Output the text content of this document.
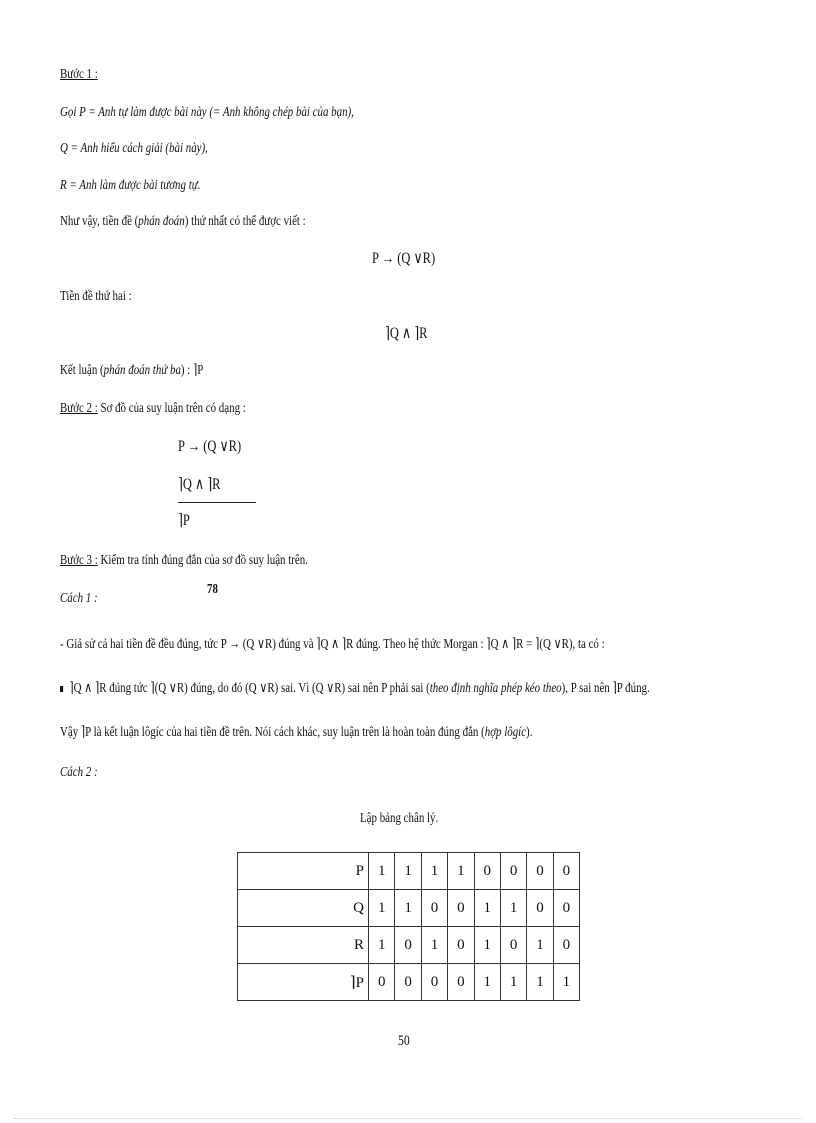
Bước 1 :
Gọi P = Anh tự làm được bài này (= Anh không chép bài của bạn),
Q = Anh hiểu cách giải (bài này),
R = Anh làm được bài tương tự.
Như vậy, tiền đề (phán đoán) thứ nhất có thể được viết :
P → (Q ∨R)
Tiền đề thứ hai :
⌉Q ∧ ⌉R
Kết luận (phán đoán thứ ba) : ⌉P
Bước 2 : Sơ đồ của suy luận trên có dạng :
P → (Q ∨R)
⌉Q ∧ ⌉R
⌉P
Bước 3 : Kiểm tra tính đúng đắn của sơ đồ suy luận trên.
Cách 1 :
78
- Giả sử cả hai tiền đề đều đúng, tức P → (Q ∨R) đúng và ⌉Q ∧ ⌉R đúng. Theo hệ thức Morgan : ⌉Q ∧ ⌉R = ⌉(Q ∨R), ta có :
⌉Q ∧ ⌉R đúng tức ⌉(Q ∨R) đúng, do đó (Q ∨R) sai. Vì (Q ∨R) sai nên P phải sai (theo định nghĩa phép kéo theo), P sai nên ⌉P đúng.
Vậy ⌉P là kết luận lôgíc của hai tiền đề trên. Nói cách khác, suy luận trên là hoàn toàn đúng đắn (hợp lôgíc).
Cách 2 :
Lập bảng chân lý.
P	1	1	1	1	0	0	0	0
Q	1	1	0	0	1	1	0	0
R	1	0	1	0	1	0	1	0
⌉P	0	0	0	0	1	1	1	1
50
